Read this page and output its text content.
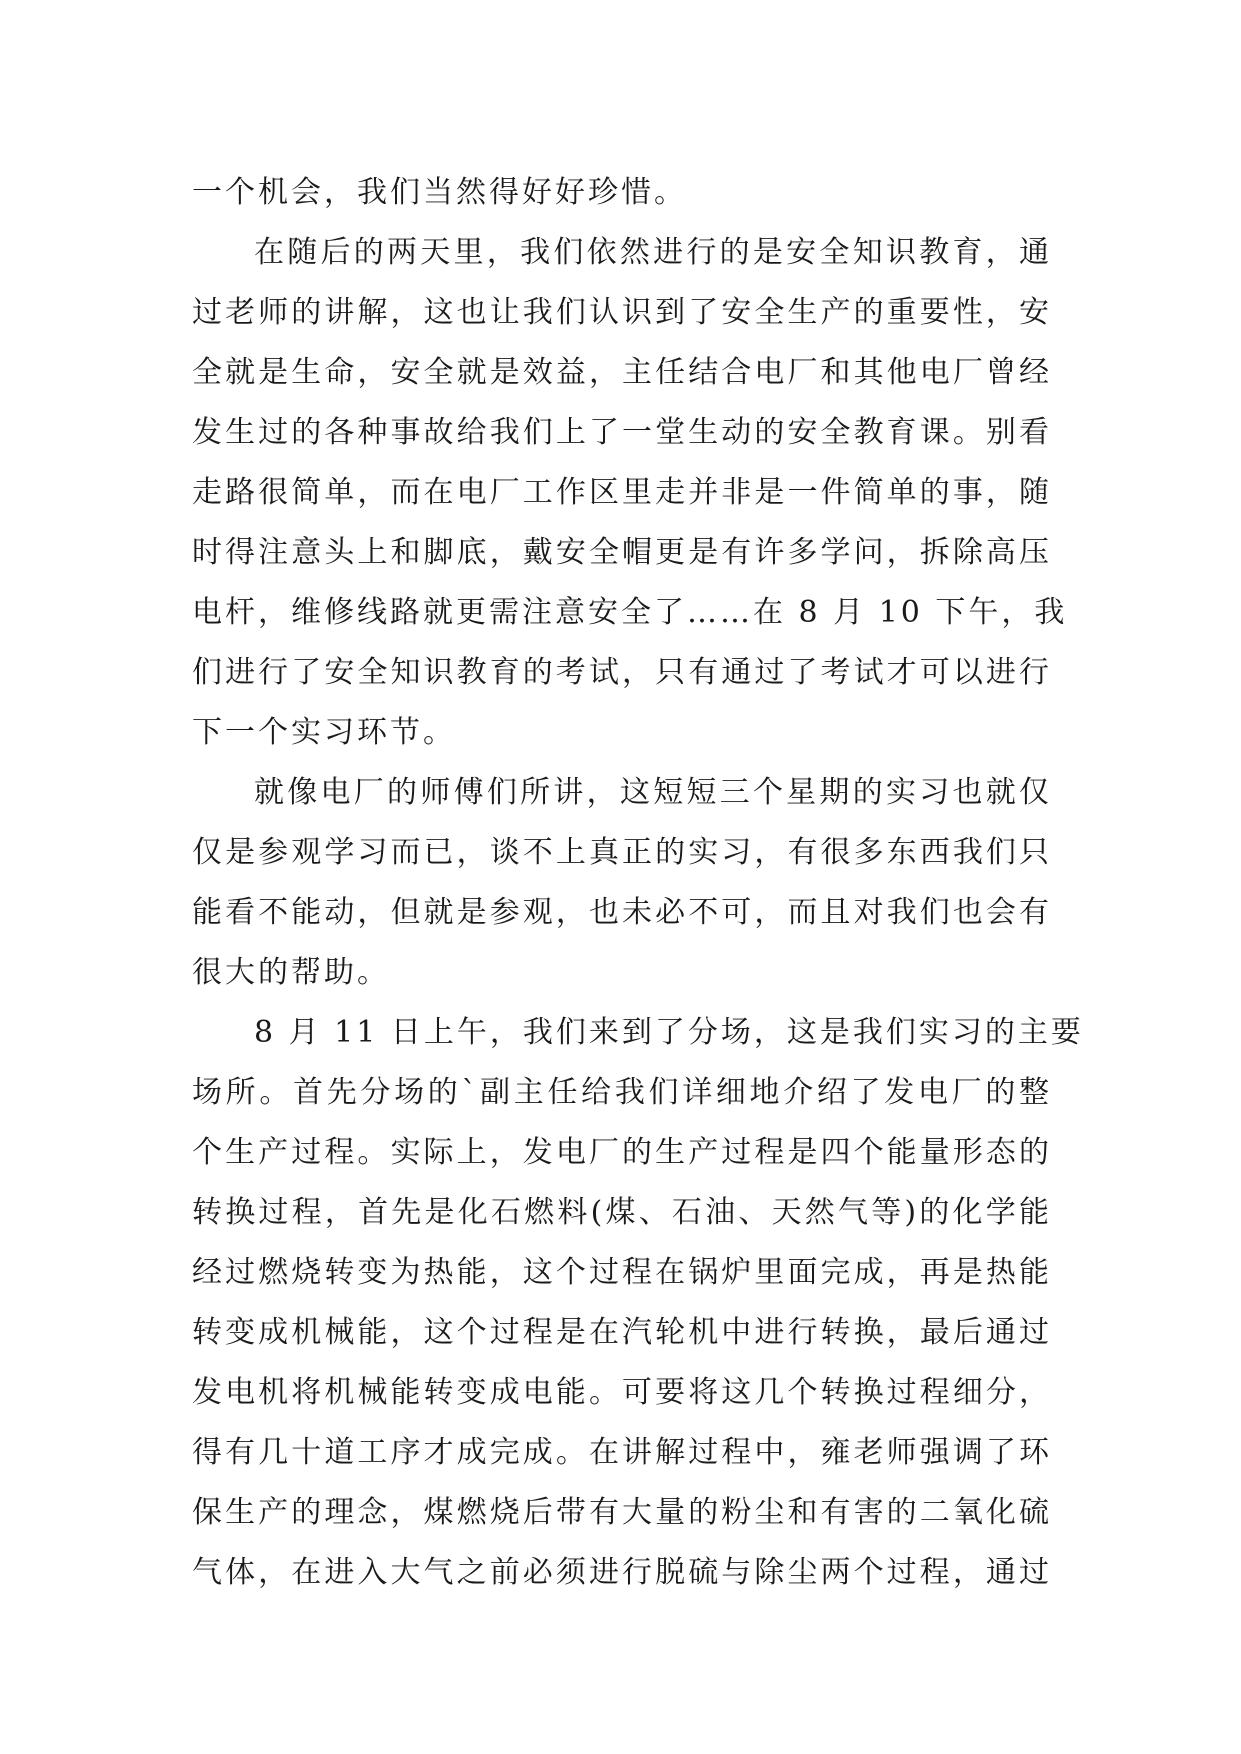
一个机会，我们当然得好好珍惜。
在随后的两天里，我们依然进行的是安全知识教育，通
过老师的讲解，这也让我们认识到了安全生产的重要性，安
全就是生命，安全就是效益，主任结合电厂和其他电厂曾经
发生过的各种事故给我们上了一堂生动的安全教育课。别看
走路很简单，而在电厂工作区里走并非是一件简单的事，随
时得注意头上和脚底，戴安全帽更是有许多学问，拆除高压
电杆，维修线路就更需注意安全了……在 8 月 10 下午，我
们进行了安全知识教育的考试，只有通过了考试才可以进行
下一个实习环节。
就像电厂的师傅们所讲，这短短三个星期的实习也就仅
仅是参观学习而已，谈不上真正的实习，有很多东西我们只
能看不能动，但就是参观，也未必不可，而且对我们也会有
很大的帮助。
8 月 11 日上午，我们来到了分场，这是我们实习的主要
场所。首先分场的`副主任给我们详细地介绍了发电厂的整
个生产过程。实际上，发电厂的生产过程是四个能量形态的
转换过程，首先是化石燃料(煤、石油、天然气等)的化学能
经过燃烧转变为热能，这个过程在锅炉里面完成，再是热能
转变成机械能，这个过程是在汽轮机中进行转换，最后通过
发电机将机械能转变成电能。可要将这几个转换过程细分，
得有几十道工序才成完成。在讲解过程中，雍老师强调了环
保生产的理念，煤燃烧后带有大量的粉尘和有害的二氧化硫
气体，在进入大气之前必须进行脱硫与除尘两个过程，通过
